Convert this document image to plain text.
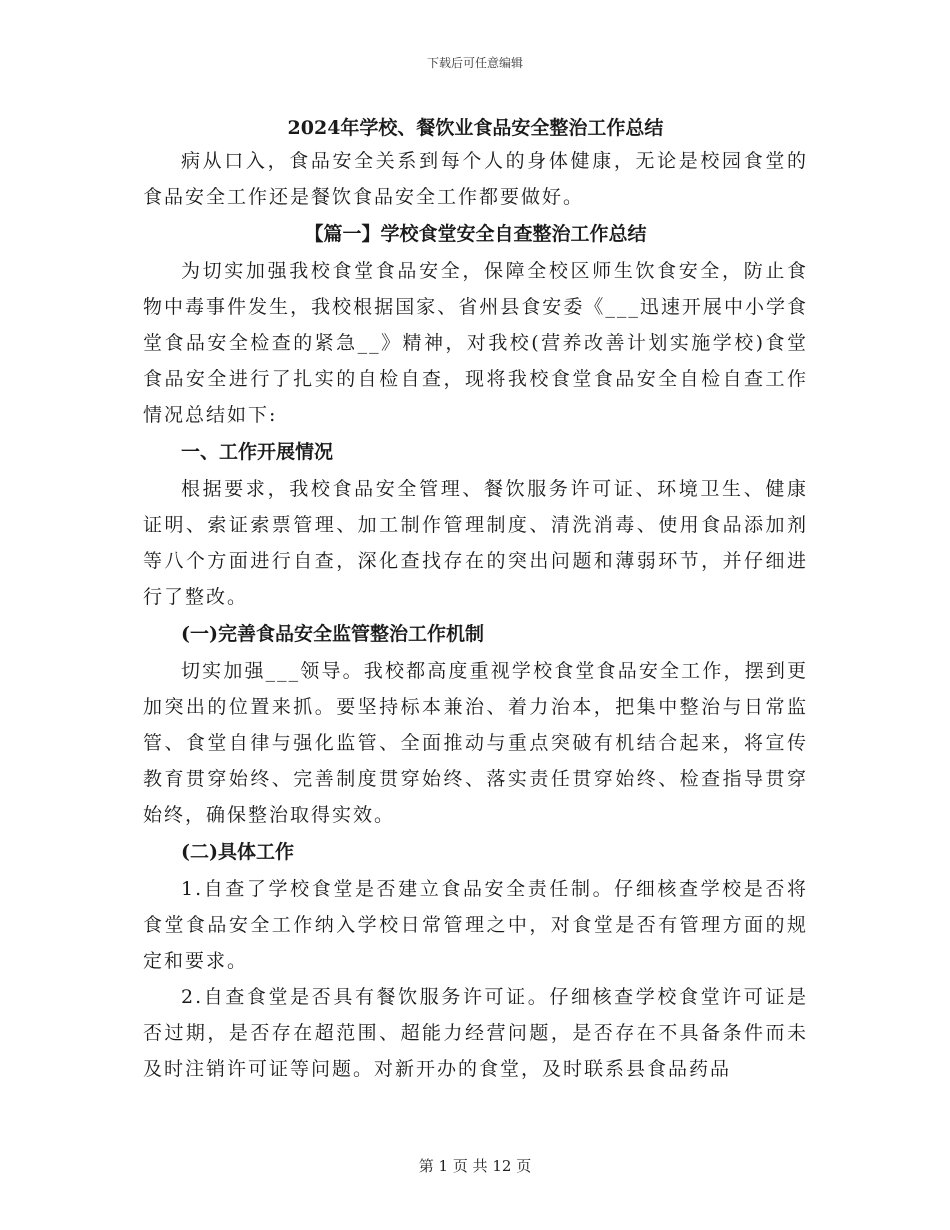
下载后可任意编辑

2024年学校、餐饮业食品安全整治工作总结

病从口入，食品安全关系到每个人的身体健康，无论是校园食堂的食品安全工作还是餐饮食品安全工作都要做好。

【篇一】学校食堂安全自查整治工作总结

为切实加强我校食堂食品安全，保障全校区师生饮食安全，防止食物中毒事件发生，我校根据国家、省州县食安委《___迅速开展中小学食堂食品安全检查的紧急__》精神，对我校(营养改善计划实施学校)食堂食品安全进行了扎实的自检自查，现将我校食堂食品安全自检自查工作情况总结如下:

一、工作开展情况

根据要求，我校食品安全管理、餐饮服务许可证、环境卫生、健康证明、索证索票管理、加工制作管理制度、清洗消毒、使用食品添加剂等八个方面进行自查，深化查找存在的突出问题和薄弱环节，并仔细进行了整改。

(一)完善食品安全监管整治工作机制

切实加强___领导。我校都高度重视学校食堂食品安全工作，摆到更加突出的位置来抓。要坚持标本兼治、着力治本，把集中整治与日常监管、食堂自律与强化监管、全面推动与重点突破有机结合起来，将宣传教育贯穿始终、完善制度贯穿始终、落实责任贯穿始终、检查指导贯穿始终，确保整治取得实效。

(二)具体工作

1.自查了学校食堂是否建立食品安全责任制。仔细核查学校是否将食堂食品安全工作纳入学校日常管理之中，对食堂是否有管理方面的规定和要求。

2.自查食堂是否具有餐饮服务许可证。仔细核查学校食堂许可证是否过期，是否存在超范围、超能力经营问题，是否存在不具备条件而未及时注销许可证等问题。对新开办的食堂，及时联系县食品药品

第 1 页 共 12 页
